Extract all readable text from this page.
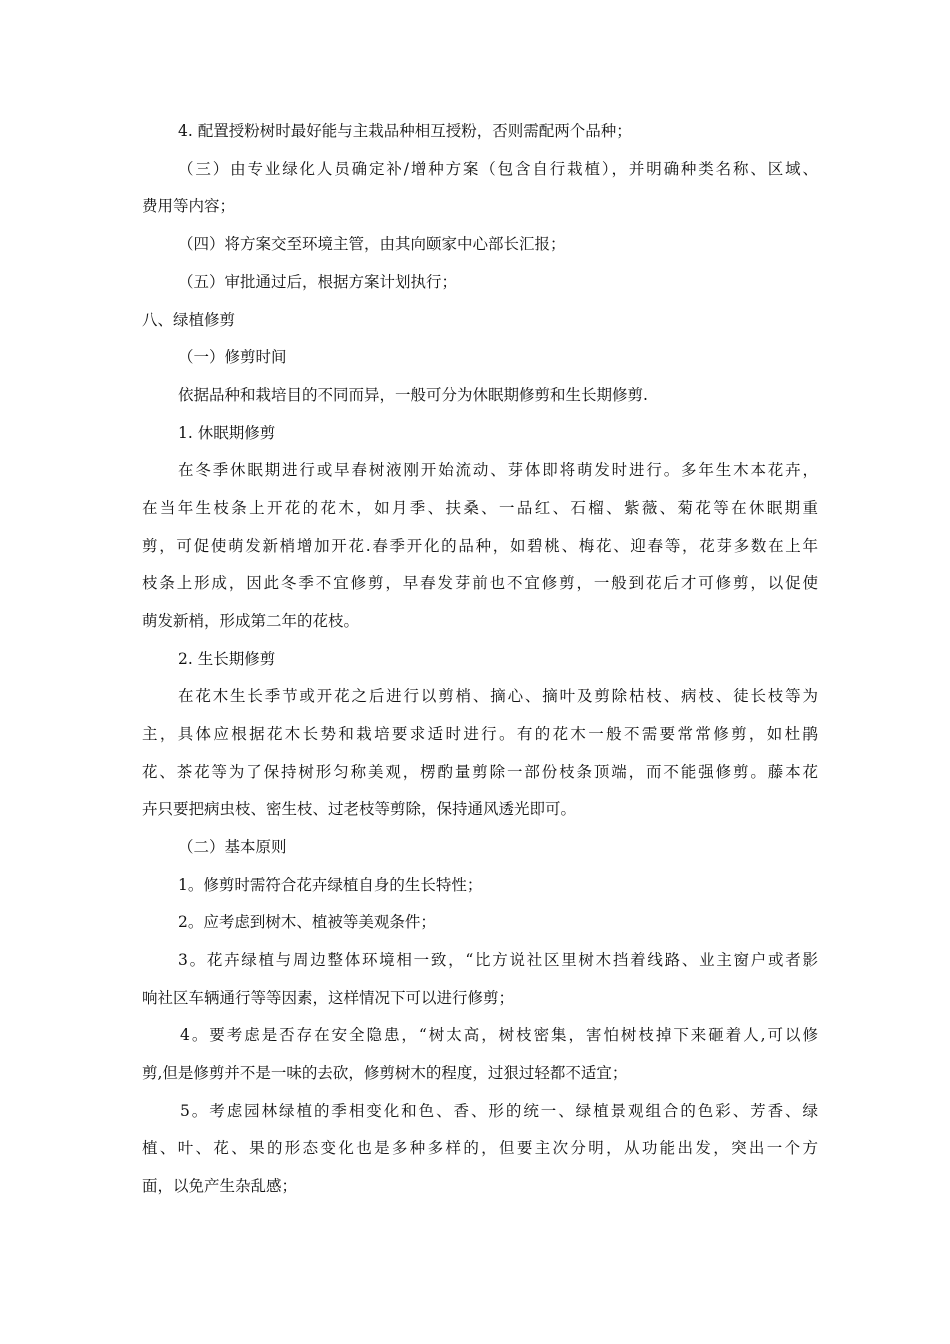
4. 配置授粉树时最好能与主栽品种相互授粉，否则需配两个品种；
（三）由专业绿化人员确定补/增种方案（包含自行栽植），并明确种类名称、区域、
费用等内容；
（四）将方案交至环境主管，由其向颐家中心部长汇报；
（五）审批通过后，根据方案计划执行；
八、绿植修剪
（一）修剪时间
依据品种和栽培目的不同而异，一般可分为休眠期修剪和生长期修剪.
1. 休眠期修剪
在冬季休眠期进行或早春树液刚开始流动、芽体即将萌发时进行。多年生木本花卉，
在当年生枝条上开花的花木，如月季、扶桑、一品红、石榴、紫薇、菊花等在休眠期重
剪，可促使萌发新梢增加开花.春季开化的品种，如碧桃、梅花、迎春等，花芽多数在上年
枝条上形成，因此冬季不宜修剪，早春发芽前也不宜修剪，一般到花后才可修剪，以促使
萌发新梢，形成第二年的花枝。
2. 生长期修剪
在花木生长季节或开花之后进行以剪梢、摘心、摘叶及剪除枯枝、病枝、徒长枝等为
主，具体应根据花木长势和栽培要求适时进行。有的花木一般不需要常常修剪，如杜鹃
花、茶花等为了保持树形匀称美观，楞酌量剪除一部份枝条顶端，而不能强修剪。藤本花
卉只要把病虫枝、密生枝、过老枝等剪除，保持通风透光即可。
（二）基本原则
1。修剪时需符合花卉绿植自身的生长特性；
2。应考虑到树木、植被等美观条件；
3。花卉绿植与周边整体环境相一致，“比方说社区里树木挡着线路、业主窗户或者影
响社区车辆通行等等因素，这样情况下可以进行修剪；
4。要考虑是否存在安全隐患，“树太高，树枝密集，害怕树枝掉下来砸着人,可以修
剪,但是修剪并不是一味的去砍，修剪树木的程度，过狠过轻都不适宜；
5。考虑园林绿植的季相变化和色、香、形的统一、绿植景观组合的色彩、芳香、绿
植、叶、花、果的形态变化也是多种多样的，但要主次分明，从功能出发，突出一个方
面，以免产生杂乱感；
